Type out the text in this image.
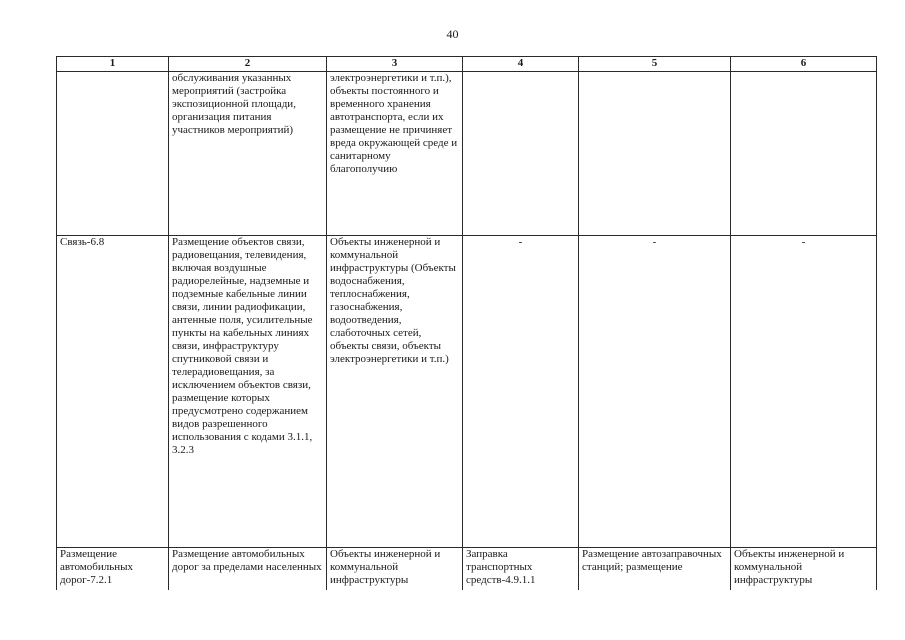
40
1	2	3	4	5	6
	обслуживания указанных мероприятий (застройка экспозиционной площади, организация питания участников мероприятий)	электроэнергетики и т.п.), объекты постоянного и временного хранения автотранспорта, если их размещение не причиняет вреда окружающей среде и санитарному благополучию			
Связь-6.8	Размещение объектов связи, радиовещания, телевидения, включая воздушные радиорелейные, надземные и подземные кабельные линии связи, линии радиофикации, антенные поля, усилительные пункты на кабельных линиях связи, инфраструктуру спутниковой связи и телерадиовещания, за исключением объектов связи, размещение которых предусмотрено содержанием видов разрешенного использования с кодами 3.1.1, 3.2.3	Объекты инженерной и коммунальной инфраструктуры (Объекты водоснабжения, теплоснабжения, газоснабжения, водоотведения, слаботочных сетей, объекты связи, объекты электроэнергетики и т.п.)	-	-	-
Размещение автомобильных дорог-7.2.1	Размещение автомобильных дорог за пределами населенных	Объекты инженерной и коммунальной инфраструктуры	Заправка транспортных средств-4.9.1.1	Размещение автозаправочных станций; размещение	Объекты инженерной и коммунальной инфраструктуры
